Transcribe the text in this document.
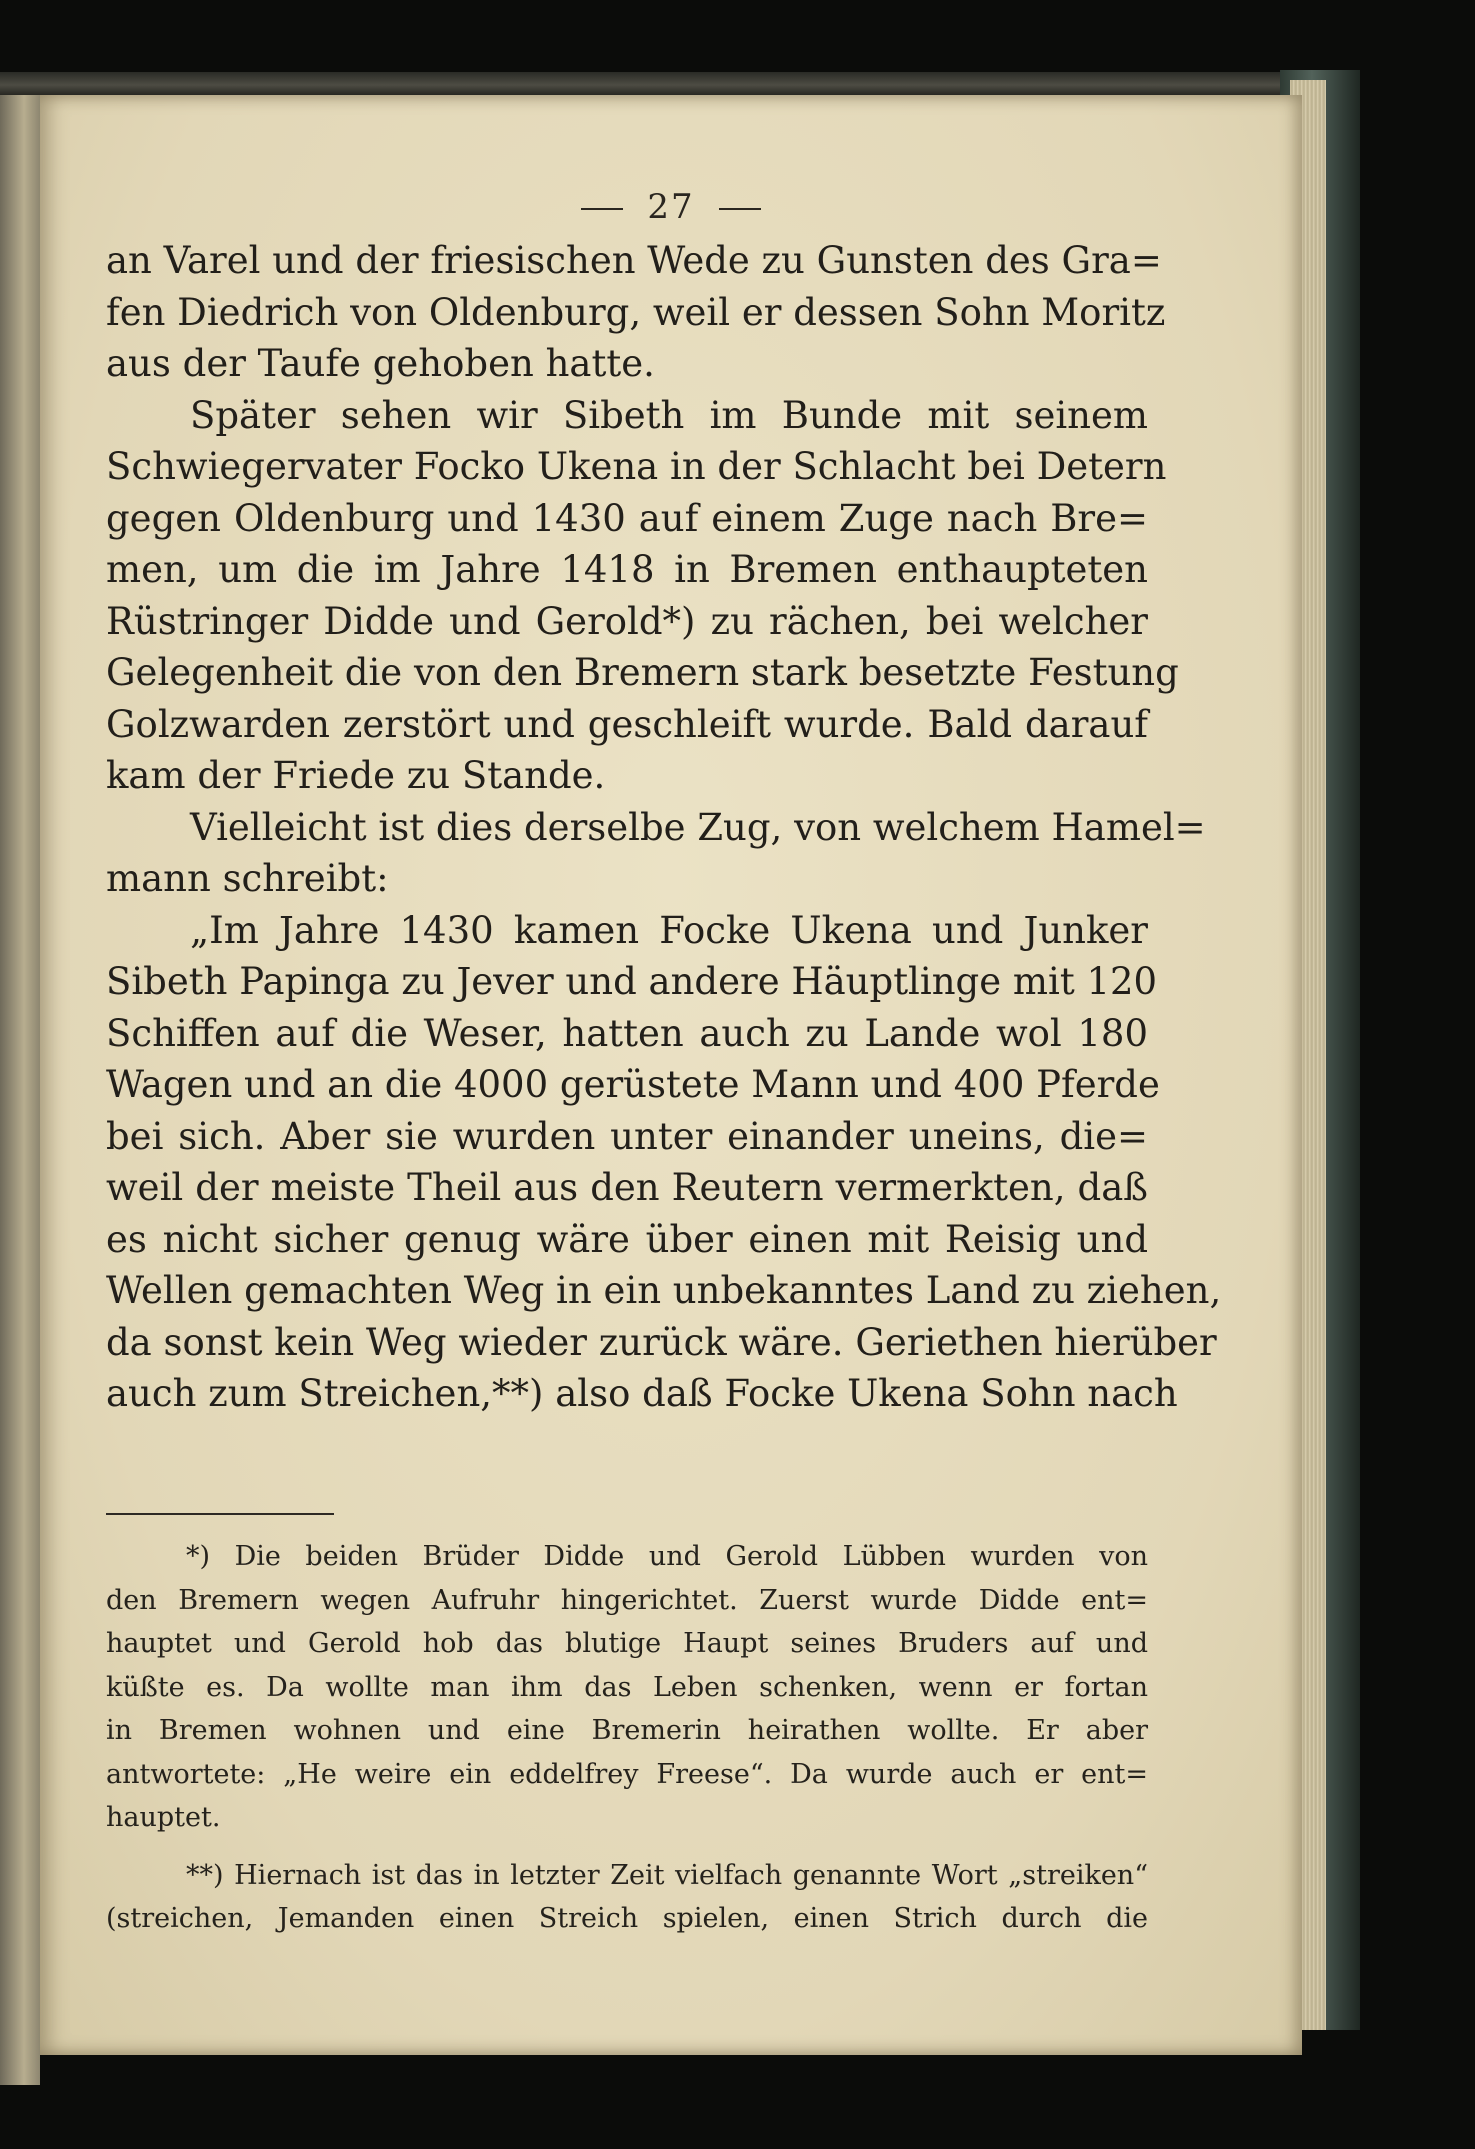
27
an Varel und der friesischen Wede zu Gunsten des Gra=
fen Diedrich von Oldenburg, weil er dessen Sohn Moritz
aus der Taufe gehoben hatte.
Später sehen wir Sibeth im Bunde mit seinem
Schwiegervater Focko Ukena in der Schlacht bei Detern
gegen Oldenburg und 1430 auf einem Zuge nach Bre=
men, um die im Jahre 1418 in Bremen enthaupteten
Rüstringer Didde und Gerold*) zu rächen, bei welcher
Gelegenheit die von den Bremern stark besetzte Festung
Golzwarden zerstört und geschleift wurde. Bald darauf
kam der Friede zu Stande.
Vielleicht ist dies derselbe Zug, von welchem Hamel=
mann schreibt:
„Im Jahre 1430 kamen Focke Ukena und Junker
Sibeth Papinga zu Jever und andere Häuptlinge mit 120
Schiffen auf die Weser, hatten auch zu Lande wol 180
Wagen und an die 4000 gerüstete Mann und 400 Pferde
bei sich. Aber sie wurden unter einander uneins, die=
weil der meiste Theil aus den Reutern vermerkten, daß
es nicht sicher genug wäre über einen mit Reisig und
Wellen gemachten Weg in ein unbekanntes Land zu ziehen,
da sonst kein Weg wieder zurück wäre. Geriethen hierüber
auch zum Streichen,**) also daß Focke Ukena Sohn nach
*) Die beiden Brüder Didde und Gerold Lübben wurden von
den Bremern wegen Aufruhr hingerichtet. Zuerst wurde Didde ent=
hauptet und Gerold hob das blutige Haupt seines Bruders auf und
küßte es. Da wollte man ihm das Leben schenken, wenn er fortan
in Bremen wohnen und eine Bremerin heirathen wollte. Er aber
antwortete: „He weire ein eddelfrey Freese“. Da wurde auch er ent=
hauptet.
**) Hiernach ist das in letzter Zeit vielfach genannte Wort „streiken“
(streichen, Jemanden einen Streich spielen, einen Strich durch die
